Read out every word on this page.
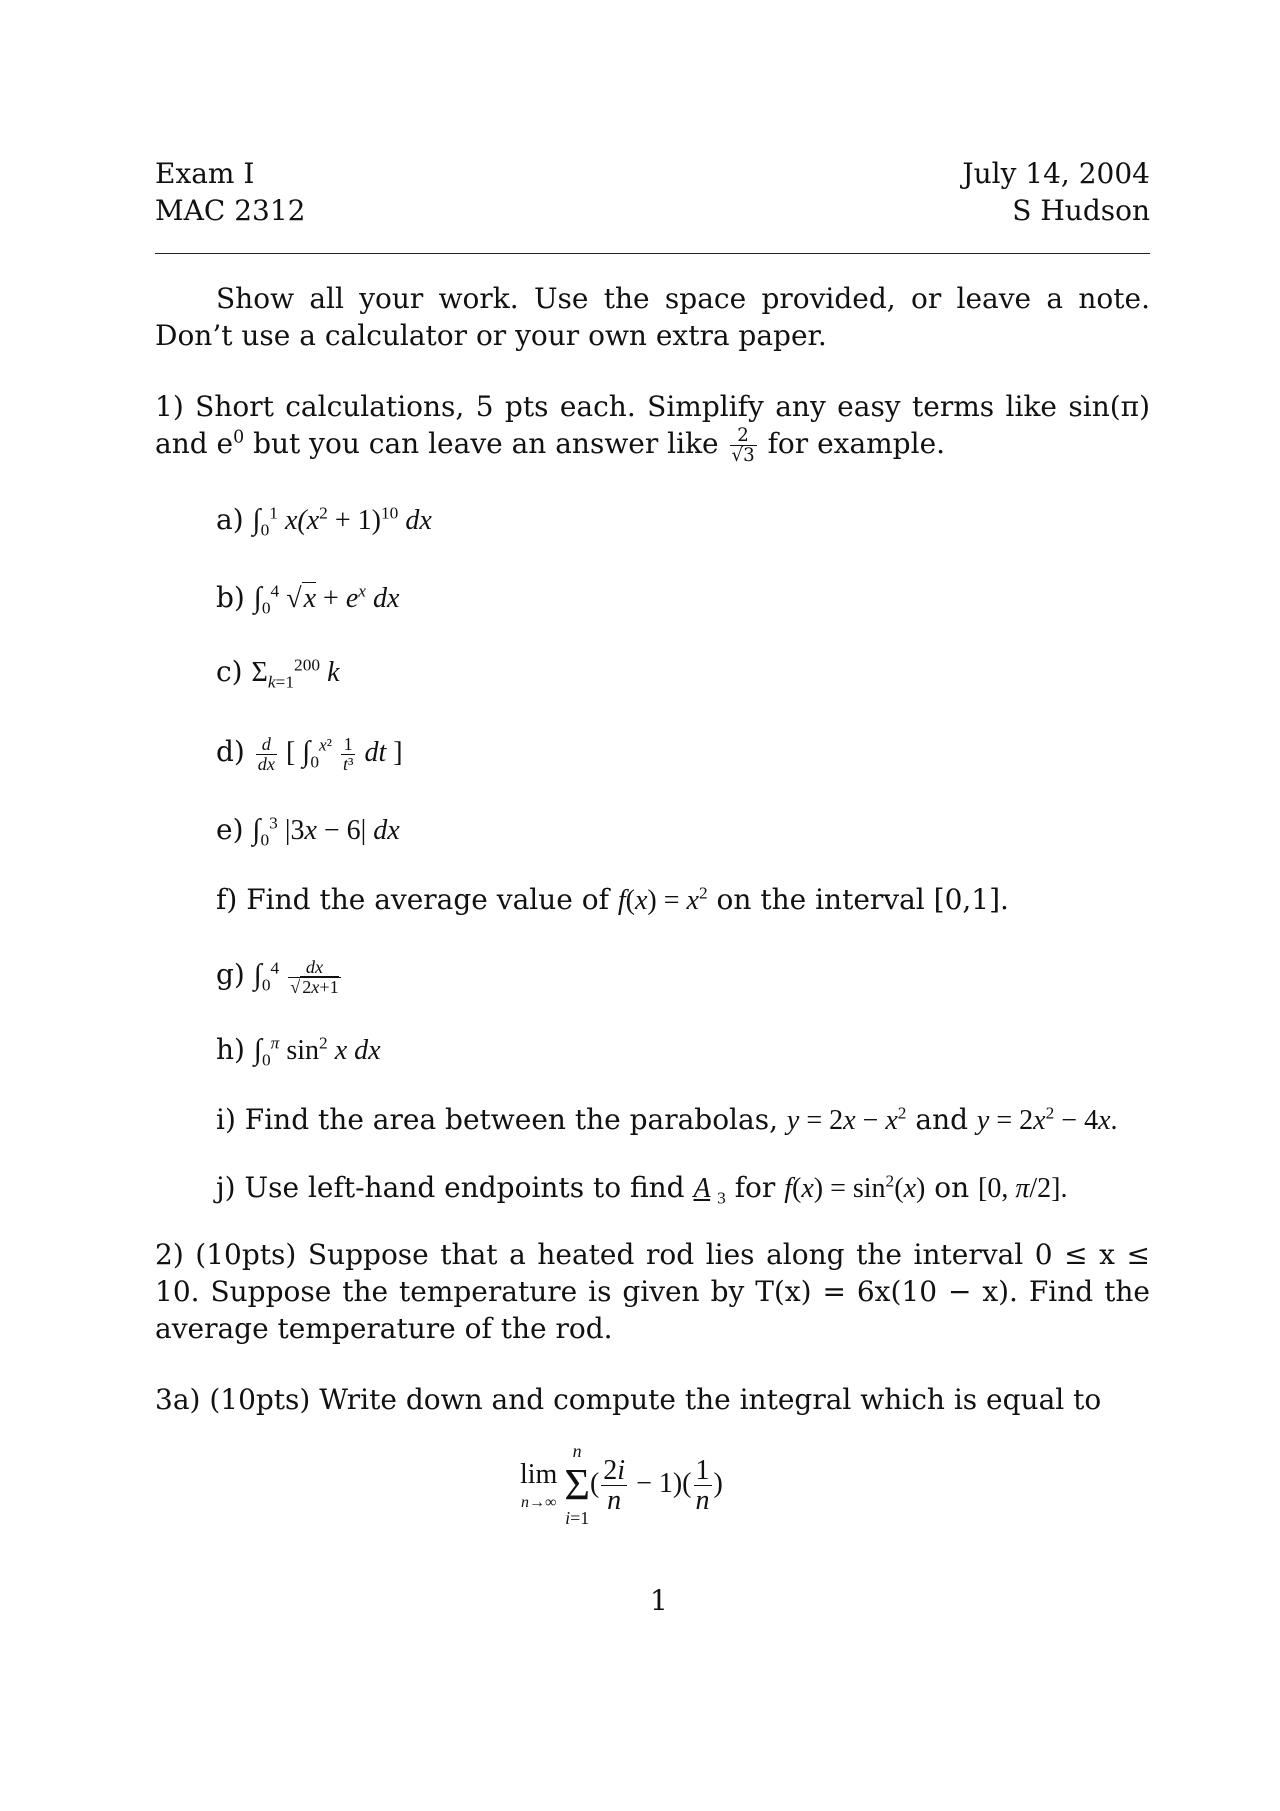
Exam I
MAC 2312
July 14, 2004
S Hudson
Show all your work. Use the space provided, or leave a note. Don’t use a calculator or your own extra paper.
1) Short calculations, 5 pts each. Simplify any easy terms like sin(π) and $e^0$ but you can leave an answer like $\frac{2}{√3}$ for example.
a) $\int_0^1$ $x(x^2 + 1)^{10}$ dx
b) $\int_0^4$ $√x + e^x$ dx
c) $\Sigma_{k=1}^{200}$ k
$d) \frac{d}{dx}$ [ $\int_0^{x^2} \frac{1}{\text{t³}}$ dt ]
e) $\int_0^3$ |3x − 6| dx
f) Find the average value of $f(x) = x^2$ on the interval [0,1].
g) $\int_0^4 \frac{dx}{√ 2x+1}$
h) $\int_0^\pi$ $\sin^2 x$ dx
i) Find the area between the parabolas, $y = 2x - x^2$ and $y = 2x^2 - 4x$.
j) Use left-hand endpoints to find A $_3$ for $f(x) = \sin^2(x)$ on [0, π/2].
2) (10pts) Suppose that a heated rod lies along the interval 0 ≤ x ≤ 10. Suppose the temperature is given by T(x) = 6x(10 − x). Find the average temperature of the rod.
3a) (10pts) Write down and compute the integral which is equal to
lim
n→∞

n
Σ
i=1
( $\frac{2i}{n} - 1)( \frac{1}{n}$ )
1
